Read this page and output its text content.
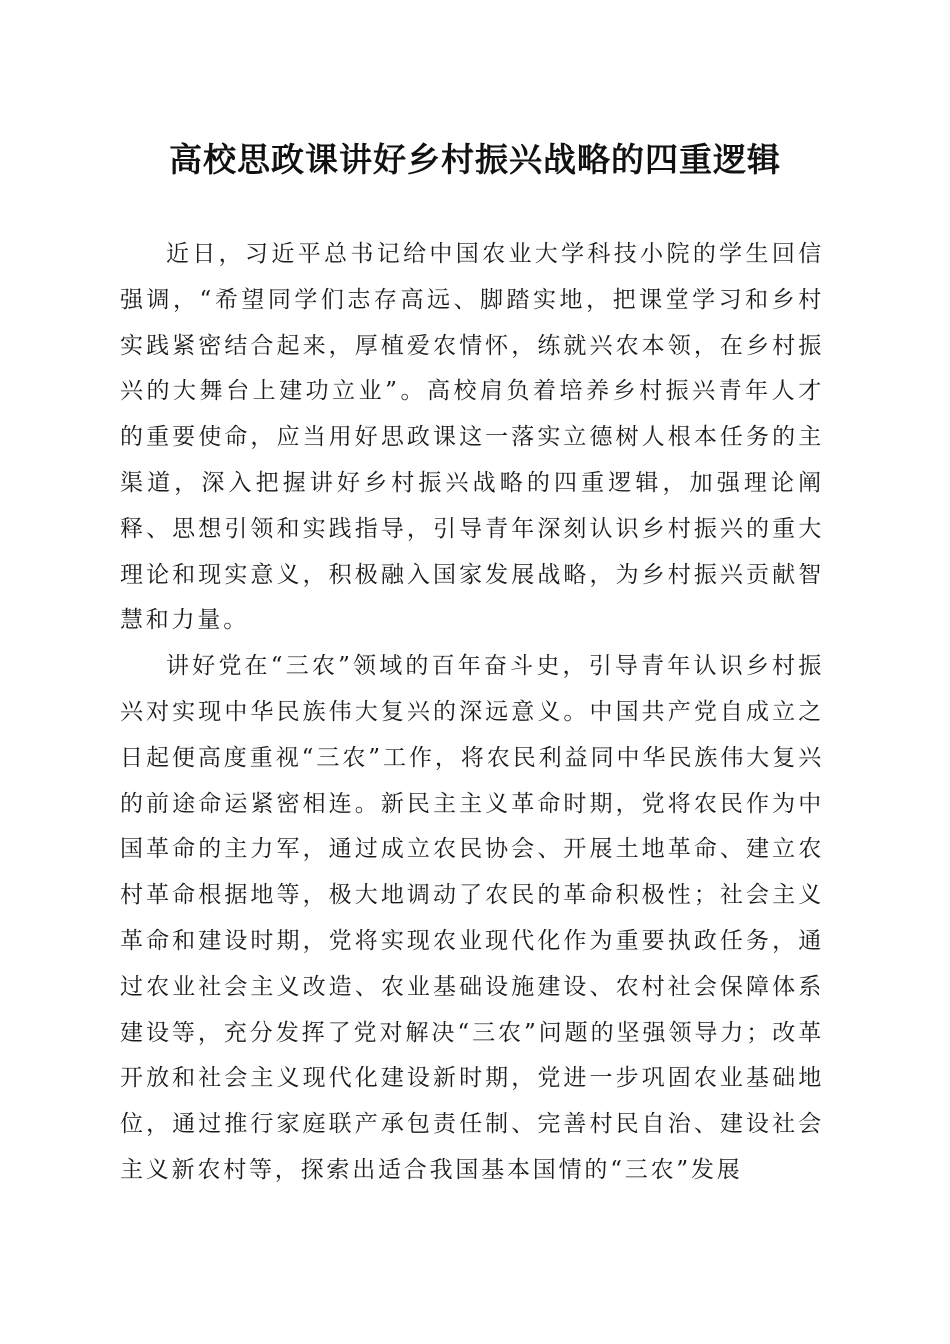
高校思政课讲好乡村振兴战略的四重逻辑

近日，习近平总书记给中国农业大学科技小院的学生回信强调，“希望同学们志存高远、脚踏实地，把课堂学习和乡村实践紧密结合起来，厚植爱农情怀，练就兴农本领，在乡村振兴的大舞台上建功立业”。高校肩负着培养乡村振兴青年人才的重要使命，应当用好思政课这一落实立德树人根本任务的主渠道，深入把握讲好乡村振兴战略的四重逻辑，加强理论阐释、思想引领和实践指导，引导青年深刻认识乡村振兴的重大理论和现实意义，积极融入国家发展战略，为乡村振兴贡献智慧和力量。

讲好党在“三农”领域的百年奋斗史，引导青年认识乡村振兴对实现中华民族伟大复兴的深远意义。中国共产党自成立之日起便高度重视“三农”工作，将农民利益同中华民族伟大复兴的前途命运紧密相连。新民主主义革命时期，党将农民作为中国革命的主力军，通过成立农民协会、开展土地革命、建立农村革命根据地等，极大地调动了农民的革命积极性；社会主义革命和建设时期，党将实现农业现代化作为重要执政任务，通过农业社会主义改造、农业基础设施建设、农村社会保障体系建设等，充分发挥了党对解决“三农”问题的坚强领导力；改革开放和社会主义现代化建设新时期，党进一步巩固农业基础地位，通过推行家庭联产承包责任制、完善村民自治、建设社会主义新农村等，探索出适合我国基本国情的“三农”发展
